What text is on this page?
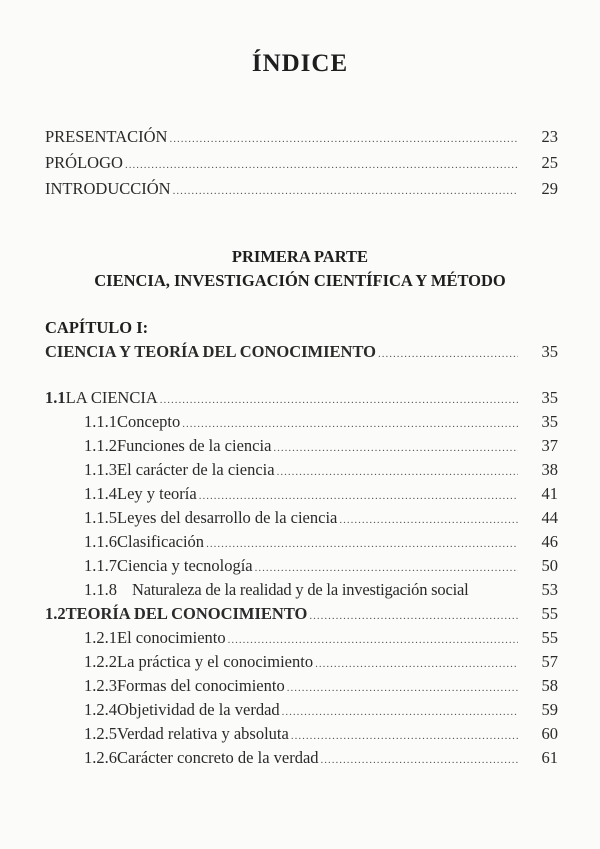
ÍNDICE
PRESENTACIÓN .....	23
PRÓLOGO .....	25
INTRODUCCIÓN .....	29
PRIMERA PARTE
CIENCIA, INVESTIGACIÓN CIENTÍFICA Y MÉTODO
CAPÍTULO I:
CIENCIA Y TEORÍA DEL CONOCIMIENTO .....	35
1.1 LA CIENCIA .....	35
1.1.1 Concepto .....	35
1.1.2 Funciones de la ciencia .....	37
1.1.3 El carácter de la ciencia .....	38
1.1.4 Ley y teoría .....	41
1.1.5 Leyes del desarrollo de la ciencia .....	44
1.1.6 Clasificación .....	46
1.1.7 Ciencia y tecnología .....	50
1.1.8 Naturaleza de la realidad y de la investigación social	53
1.2 TEORÍA DEL CONOCIMIENTO .....	55
1.2.1 El conocimiento .....	55
1.2.2 La práctica y el conocimiento .....	57
1.2.3 Formas del conocimiento .....	58
1.2.4 Objetividad de la verdad .....	59
1.2.5 Verdad relativa y absoluta .....	60
1.2.6 Carácter concreto de la verdad .....	61
